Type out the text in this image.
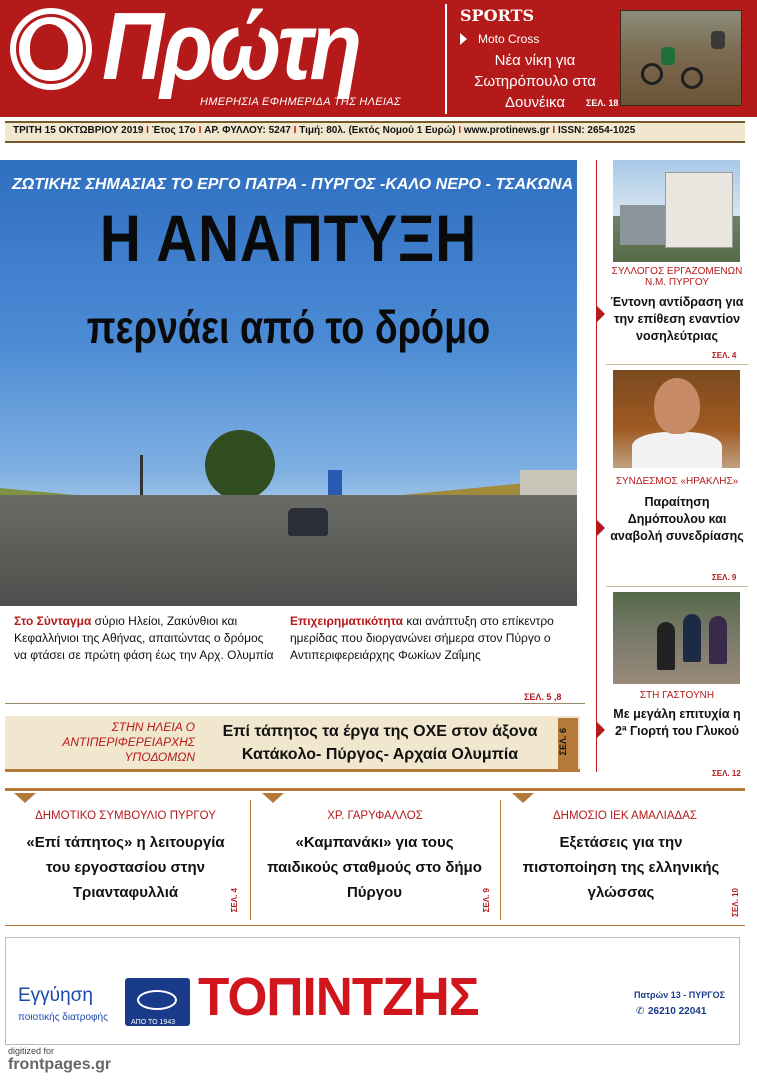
Πρώτη
ΗΜΕΡΗΣΙΑ ΕΦΗΜΕΡΙΔΑ ΤΗΣ ΗΛΕΙΑΣ
SPORTS
Moto Cross
Νέα νίκη για Σωτηρόπουλο στα Δουνέικα	ΣΕΛ. 18
ΤΡΙΤΗ 15 ΟΚΤΩΒΡΙΟΥ 2019 I Έτος 17ο I ΑΡ. ΦΥΛΛΟΥ: 5247 I Τιμή: 80λ. (Εκτός Νομού 1 Ευρώ) I www.protinews.gr I ISSN: 2654-1025
ΖΩΤΙΚΗΣ ΣΗΜΑΣΙΑΣ ΤΟ ΕΡΓΟ ΠΑΤΡΑ - ΠΥΡΓΟΣ -ΚΑΛΟ ΝΕΡΟ - ΤΣΑΚΩΝΑ
Η ΑΝΑΠΤΥΞΗ
περνάει από το δρόμο
Στο Σύνταγμα σύριο Ηλείοι, Ζακύνθιοι και Κεφαλλήνιοι της Αθήνας, απαιτώντας ο δρόμος να φτάσει σε πρώτη φάση έως την Αρχ. Ολυμπία
Επιχειρηματικότητα και ανάπτυξη στο επίκεντρο ημερίδας που διοργανώνει σήμερα στον Πύργο ο Αντιπεριφερειάρχης Φωκίων Ζαΐμης
ΣΕΛ. 5 ,8
ΣΤΗΝ ΗΛΕΙΑ Ο ΑΝΤΙΠΕΡΙΦΕΡΕΙΑΡΧΗΣ ΥΠΟΔΟΜΩΝ
Επί τάπητος τα έργα της ΟΧΕ στον άξονα Κατάκολο- Πύργος- Αρχαία Ολυμπία	ΣΕΛ. 6
ΣΥΛΛΟΓΟΣ ΕΡΓΑΖΟΜΕΝΩΝ Ν.Μ. ΠΥΡΓΟΥ
Έντονη αντίδραση για την επίθεση εναντίον νοσηλεύτριας
ΣΕΛ. 4
ΣΥΝΔΕΣΜΟΣ «ΗΡΑΚΛΗΣ»
Παραίτηση Δημόπουλου και αναβολή συνεδρίασης
ΣΕΛ. 9
ΣΤΗ ΓΑΣΤΟΥΝΗ
Με μεγάλη επιτυχία η 2ª Γιορτή του Γλυκού
ΣΕΛ. 12
ΔΗΜΟΤΙΚΟ ΣΥΜΒΟΥΛΙΟ ΠΥΡΓΟΥ
«Επί τάπητος» η λειτουργία του εργοστασίου στην Τριανταφυλλιά	ΣΕΛ. 4
ΧΡ. ΓΑΡΥΦΑΛΛΟΣ
«Καμπανάκι» για τους παιδικούς σταθμούς στο δήμο Πύργου	ΣΕΛ. 9
ΔΗΜΟΣΙΟ ΙΕΚ ΑΜΑΛΙΑΔΑΣ
Εξετάσεις για την πιστοποίηση της ελληνικής γλώσσας	ΣΕΛ. 10
Εγγύηση
ποιοτικής διατροφής	ΑΠΟ ΤΟ 1943 ΤΟΠΙΝΤΖΗΣ	Πατρών 13 - ΠΥΡΓΟΣ
✆ 26210 22041
digitized for
frontpages.gr
